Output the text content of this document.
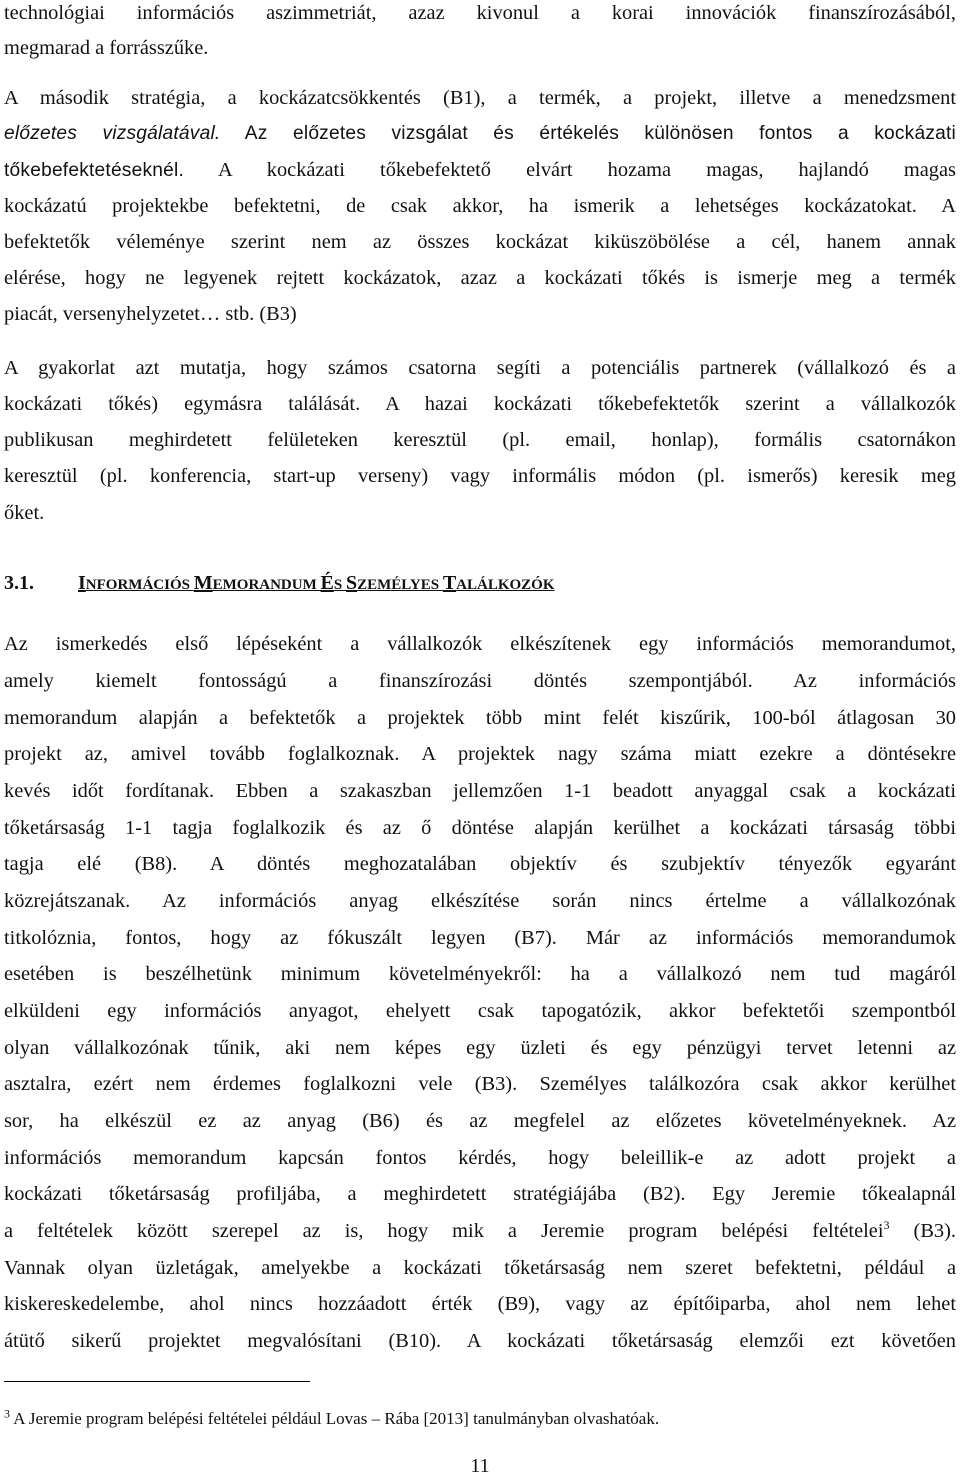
technológiai információs aszimmetriát, azaz kivonul a korai innovációk finanszírozásából,
megmarad a forrásszűke.
A második stratégia, a kockázatcsökkentés (B1), a termék, a projekt, illetve a menedzsment
előzetes vizsgálatával. Az előzetes vizsgálat és értékelés különösen fontos a kockázati
tőkebefektetéseknél. A kockázati tőkebefektető elvárt hozama magas, hajlandó magas
kockázatú projektekbe befektetni, de csak akkor, ha ismerik a lehetséges kockázatokat. A
befektetők véleménye szerint nem az összes kockázat kiküszöbölése a cél, hanem annak
elérése, hogy ne legyenek rejtett kockázatok, azaz a kockázati tőkés is ismerje meg a termék
piacát, versenyhelyzetet… stb. (B3)
A gyakorlat azt mutatja, hogy számos csatorna segíti a potenciális partnerek (vállalkozó és a
kockázati tőkés) egymásra találását. A hazai kockázati tőkebefektetők szerint a vállalkozók
publikusan meghirdetett felületeken keresztül (pl. email, honlap), formális csatornákon
keresztül (pl. konferencia, start-up verseny) vagy informális módon (pl. ismerős) keresik meg
őket.
3.1. INFORMÁCIÓS MEMORANDUM ÉS SZEMÉLYES TALÁLKOZÓK
Az ismerkedés első lépéseként a vállalkozók elkészítenek egy információs memorandumot,
amely kiemelt fontosságú a finanszírozási döntés szempontjából. Az információs
memorandum alapján a befektetők a projektek több mint felét kiszűrik, 100-ból átlagosan 30
projekt az, amivel tovább foglalkoznak. A projektek nagy száma miatt ezekre a döntésekre
kevés időt fordítanak. Ebben a szakaszban jellemzően 1-1 beadott anyaggal csak a kockázati
tőketársaság 1-1 tagja foglalkozik és az ő döntése alapján kerülhet a kockázati társaság többi
tagja elé (B8). A döntés meghozatalában objektív és szubjektív tényezők egyaránt
közrejátszanak. Az információs anyag elkészítése során nincs értelme a vállalkozónak
titkolóznia, fontos, hogy az fókuszált legyen (B7). Már az információs memorandumok
esetében is beszélhetünk minimum követelményekről: ha a vállalkozó nem tud magáról
elküldeni egy információs anyagot, ehelyett csak tapogatózik, akkor befektetői szempontból
olyan vállalkozónak tűnik, aki nem képes egy üzleti és egy pénzügyi tervet letenni az
asztalra, ezért nem érdemes foglalkozni vele (B3). Személyes találkozóra csak akkor kerülhet
sor, ha elkészül ez az anyag (B6) és az megfelel az előzetes követelményeknek. Az
információs memorandum kapcsán fontos kérdés, hogy beleillik-e az adott projekt a
kockázati tőketársaság profiljába, a meghirdetett stratégiájába (B2). Egy Jeremie tőkealapnál
a feltételek között szerepel az is, hogy mik a Jeremie program belépési feltételei$^3$ (B3).
Vannak olyan üzletágak, amelyekbe a kockázati tőketársaság nem szeret befektetni, például a
kiskereskedelembe, ahol nincs hozzáadott érték (B9), vagy az építőiparba, ahol nem lehet
átütő sikerű projektet megvalósítani (B10). A kockázati tőketársaság elemzői ezt követően
$^3$ A Jeremie program belépési feltételei például Lovas – Rába [2013] tanulmányban olvashatóak.
11
